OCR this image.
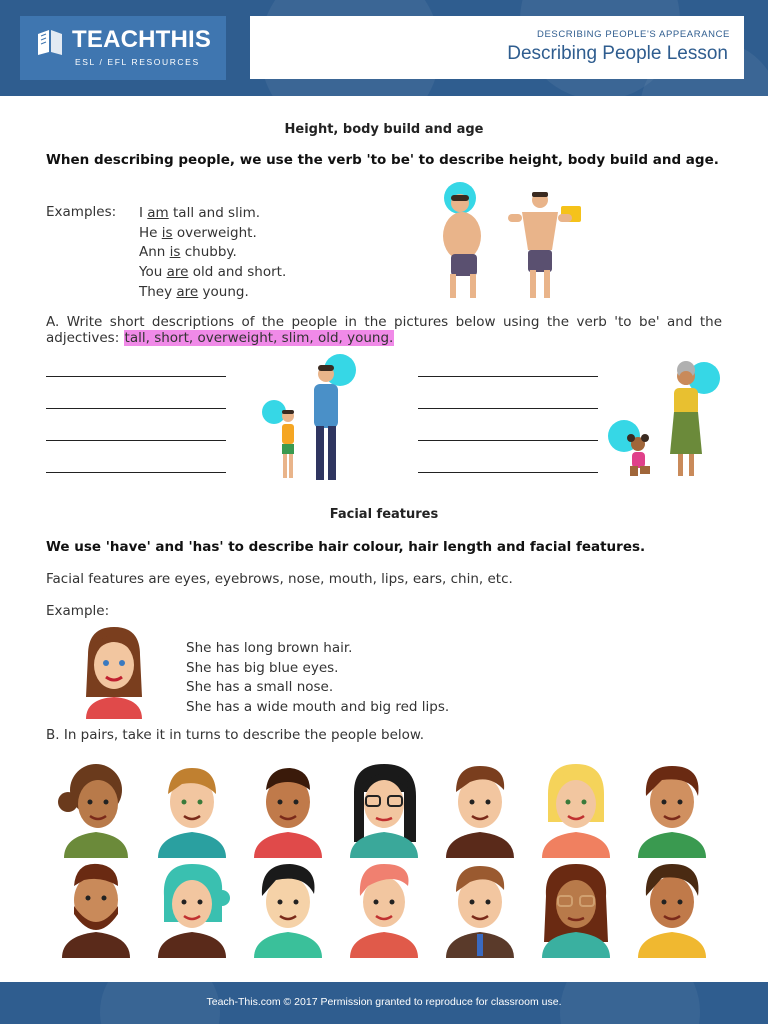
TEACHTHIS
ESL / EFL RESOURCES
DESCRIBING PEOPLE'S APPEARANCE
Describing People Lesson
Height, body build and age
When describing people, we use the verb 'to be' to describe height, body build and age.
Examples: I am tall and slim.
He is overweight.
Ann is chubby.
You are old and short.
They are young.
A. Write short descriptions of the people in the pictures below using the verb 'to be' and the adjectives: tall, short, overweight, slim, old, young.
Facial features
We use 'have' and 'has' to describe hair colour, hair length and facial features.
Facial features are eyes, eyebrows, nose, mouth, lips, ears, chin, etc.
Example:
She has long brown hair.
She has big blue eyes.
She has a small nose.
She has a wide mouth and big red lips.
B. In pairs, take it in turns to describe the people below.
Teach-This.com © 2017 Permission granted to reproduce for classroom use.
